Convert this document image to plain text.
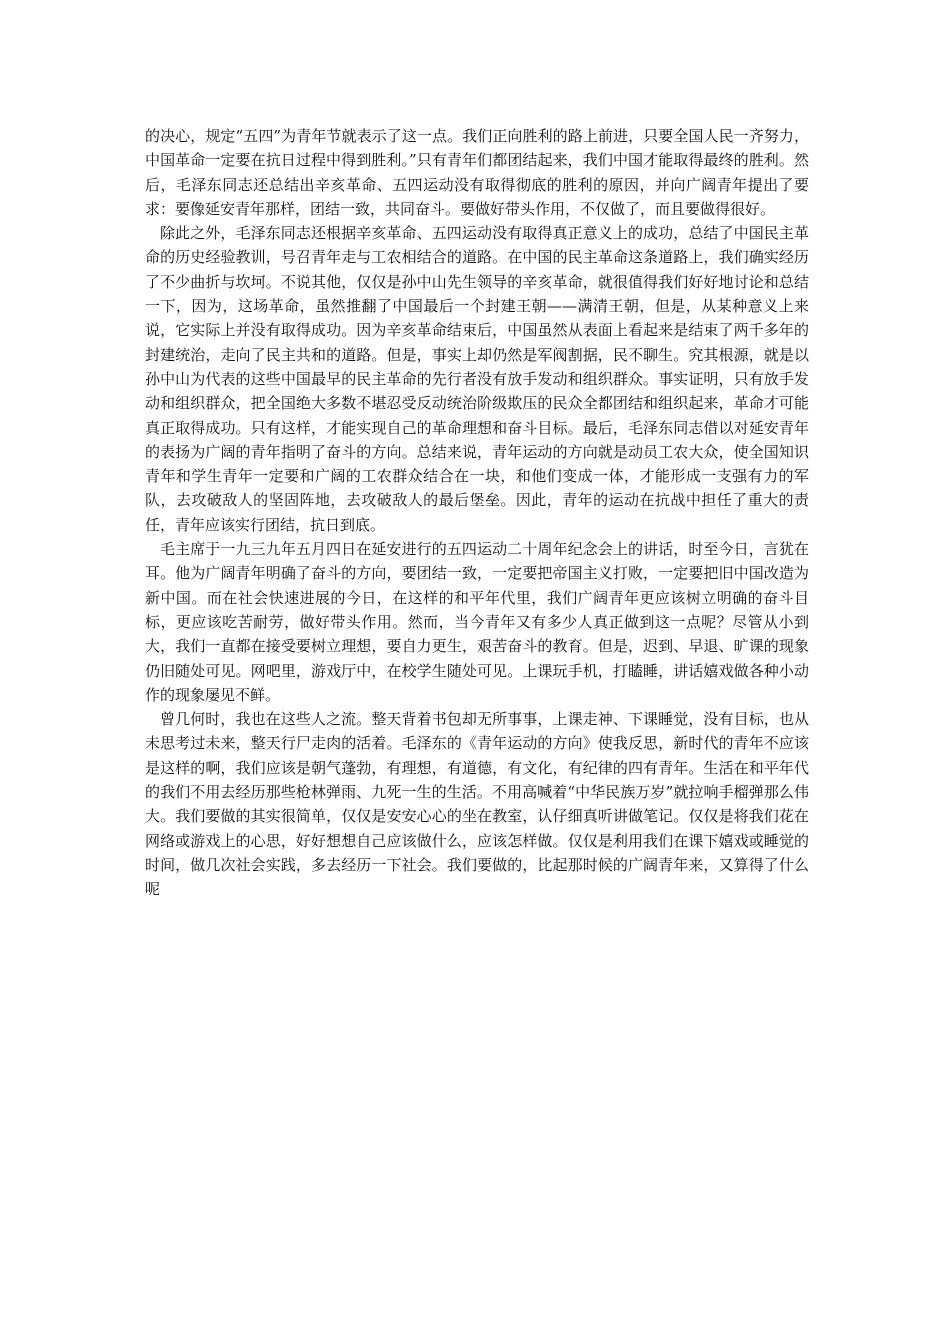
的决心，规定“五四”为青年节就表示了这一点。我们正向胜利的路上前进，只要全国人民一齐努力，中国革命一定要在抗日过程中得到胜利。”只有青年们都团结起来，我们中国才能取得最终的胜利。然后，毛泽东同志还总结出辛亥革命、五四运动没有取得彻底的胜利的原因，并向广阔青年提出了要求：要像延安青年那样，团结一致，共同奋斗。要做好带头作用，不仅做了，而且要做得很好。

除此之外，毛泽东同志还根据辛亥革命、五四运动没有取得真正意义上的成功，总结了中国民主革命的历史经验教训，号召青年走与工农相结合的道路。在中国的民主革命这条道路上，我们确实经历了不少曲折与坎坷。不说其他，仅仅是孙中山先生领导的辛亥革命，就很值得我们好好地讨论和总结一下，因为，这场革命，虽然推翻了中国最后一个封建王朝——满清王朝，但是，从某种意义上来说，它实际上并没有取得成功。因为辛亥革命结束后，中国虽然从表面上看起来是结束了两千多年的封建统治，走向了民主共和的道路。但是，事实上却仍然是军阀割据，民不聊生。究其根源，就是以孙中山为代表的这些中国最早的民主革命的先行者没有放手发动和组织群众。事实证明，只有放手发动和组织群众，把全国绝大多数不堪忍受反动统治阶级欺压的民众全都团结和组织起来，革命才可能真正取得成功。只有这样，才能实现自己的革命理想和奋斗目标。最后，毛泽东同志借以对延安青年的表扬为广阔的青年指明了奋斗的方向。总结来说，青年运动的方向就是动员工农大众，使全国知识青年和学生青年一定要和广阔的工农群众结合在一块，和他们变成一体，才能形成一支强有力的军队，去攻破敌人的坚固阵地，去攻破敌人的最后堡垒。因此，青年的运动在抗战中担任了重大的责任，青年应该实行团结，抗日到底。

毛主席于一九三九年五月四日在延安进行的五四运动二十周年纪念会上的讲话，时至今日，言犹在耳。他为广阔青年明确了奋斗的方向，要团结一致，一定要把帝国主义打败，一定要把旧中国改造为新中国。而在社会快速进展的今日，在这样的和平年代里，我们广阔青年更应该树立明确的奋斗目标，更应该吃苦耐劳，做好带头作用。然而，当今青年又有多少人真正做到这一点呢？尽管从小到大，我们一直都在接受要树立理想，要自力更生，艰苦奋斗的教育。但是，迟到、早退、旷课的现象仍旧随处可见。网吧里，游戏厅中，在校学生随处可见。上课玩手机，打瞌睡，讲话嬉戏做各种小动作的现象屡见不鲜。

曾几何时，我也在这些人之流。整天背着书包却无所事事，上课走神、下课睡觉，没有目标，也从未思考过未来，整天行尸走肉的活着。毛泽东的《青年运动的方向》使我反思，新时代的青年不应该是这样的啊，我们应该是朝气蓬勃，有理想，有道德，有文化，有纪律的四有青年。生活在和平年代的我们不用去经历那些枪林弹雨、九死一生的生活。不用高喊着“中华民族万岁”就拉响手榴弹那么伟大。我们要做的其实很简单，仅仅是安安心心的坐在教室，认仔细真听讲做笔记。仅仅是将我们花在网络或游戏上的心思，好好想想自己应该做什么，应该怎样做。仅仅是利用我们在课下嬉戏或睡觉的时间，做几次社会实践，多去经历一下社会。我们要做的，比起那时候的广阔青年来，又算得了什么呢
